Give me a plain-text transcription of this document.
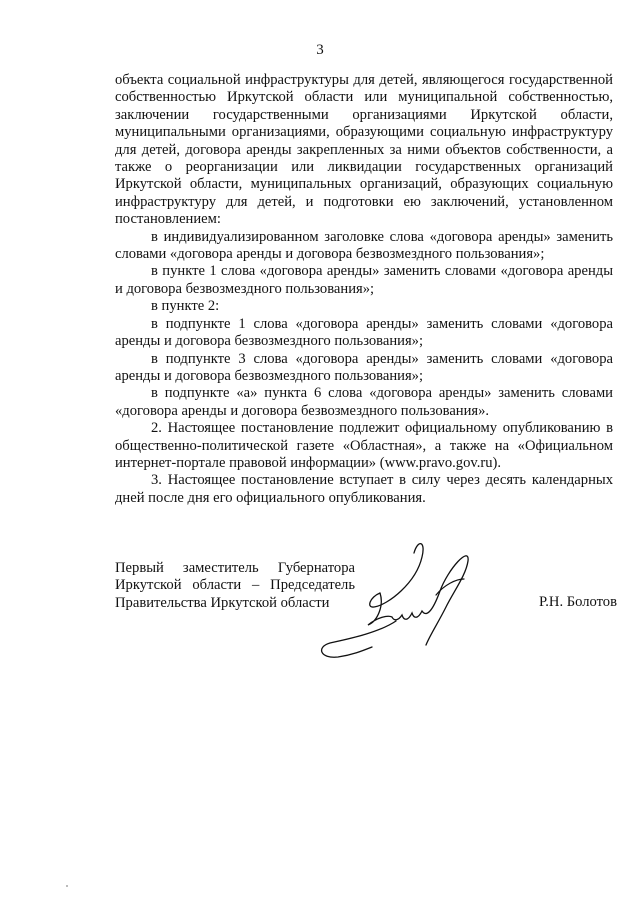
3

объекта социальной инфраструктуры для детей, являющегося государственной собственностью Иркутской области или муниципальной собственностью, заключении государственными организациями Иркутской области, муниципальными организациями, образующими социальную инфраструктуру для детей, договора аренды закрепленных за ними объектов собственности, а также о реорганизации или ликвидации государственных организаций Иркутской области, муниципальных организаций, образующих социальную инфраструктуру для детей, и подготовки ею заключений, установленном постановлением:

в индивидуализированном заголовке слова «договора аренды» заменить словами «договора аренды и договора безвозмездного пользования»;

в пункте 1 слова «договора аренды» заменить словами «договора аренды и договора безвозмездного пользования»;

в пункте 2:

в подпункте 1 слова «договора аренды» заменить словами «договора аренды и договора безвозмездного пользования»;

в подпункте 3 слова «договора аренды» заменить словами «договора аренды и договора безвозмездного пользования»;

в подпункте «а» пункта 6 слова «договора аренды» заменить словами «договора аренды и договора безвозмездного пользования».

2. Настоящее постановление подлежит официальному опубликованию в общественно-политической газете «Областная», а также на «Официальном интернет-портале правовой информации» (www.pravo.gov.ru).

3. Настоящее постановление вступает в силу через десять календарных дней после дня его официального опубликования.

Первый заместитель Губернатора
Иркутской области – Председатель
Правительства Иркутской области	Р.Н. Болотов
